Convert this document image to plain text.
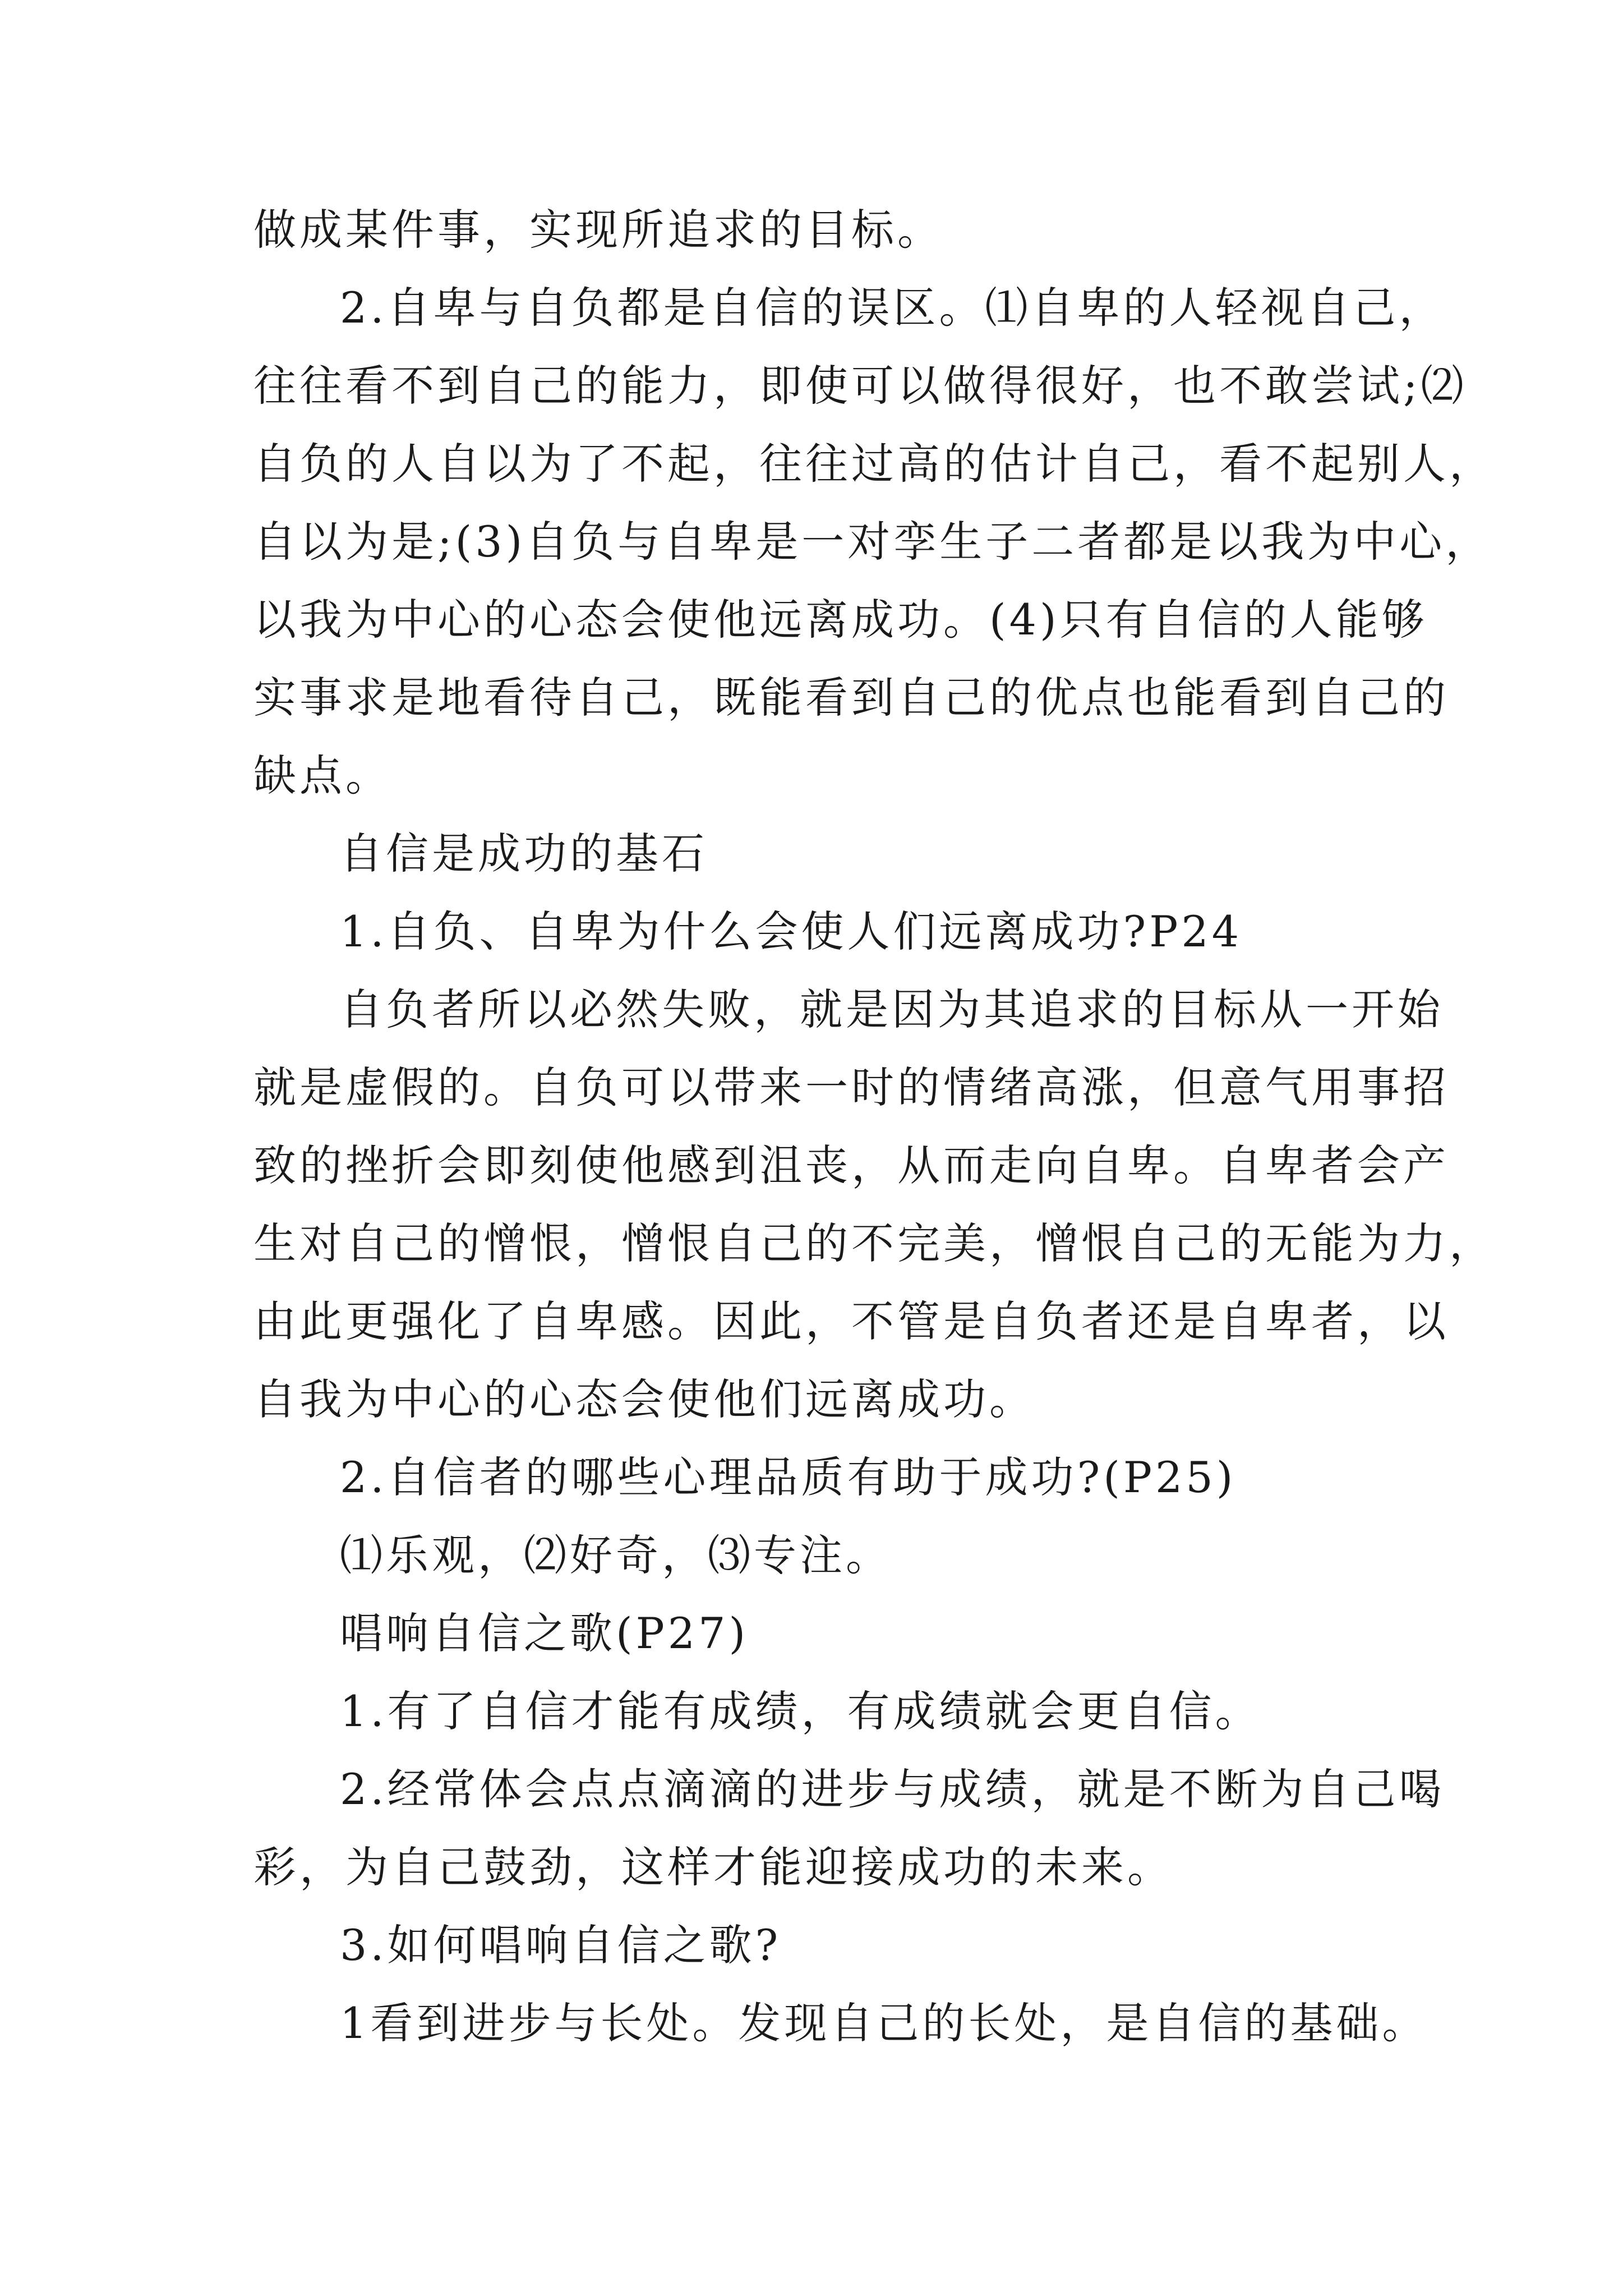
做成某件事，实现所追求的目标。
2.自卑与自负都是自信的误区。⑴自卑的人轻视自己，
往往看不到自己的能力，即使可以做得很好，也不敢尝试;⑵
自负的人自以为了不起，往往过高的估计自己，看不起别人，
自以为是;(3)自负与自卑是一对孪生子二者都是以我为中心，
以我为中心的心态会使他远离成功。(4)只有自信的人能够
实事求是地看待自己，既能看到自己的优点也能看到自己的
缺点。
自信是成功的基石
1.自负、自卑为什么会使人们远离成功?P24
自负者所以必然失败，就是因为其追求的目标从一开始
就是虚假的。自负可以带来一时的情绪高涨，但意气用事招
致的挫折会即刻使他感到沮丧，从而走向自卑。自卑者会产
生对自己的憎恨，憎恨自己的不完美，憎恨自己的无能为力，
由此更强化了自卑感。因此，不管是自负者还是自卑者，以
自我为中心的心态会使他们远离成功。
2.自信者的哪些心理品质有助于成功?(P25)
⑴乐观，⑵好奇，⑶专注。
唱响自信之歌(P27)
1.有了自信才能有成绩，有成绩就会更自信。
2.经常体会点点滴滴的进步与成绩，就是不断为自己喝
彩，为自己鼓劲，这样才能迎接成功的未来。
3.如何唱响自信之歌?
1看到进步与长处。发现自己的长处，是自信的基础。
